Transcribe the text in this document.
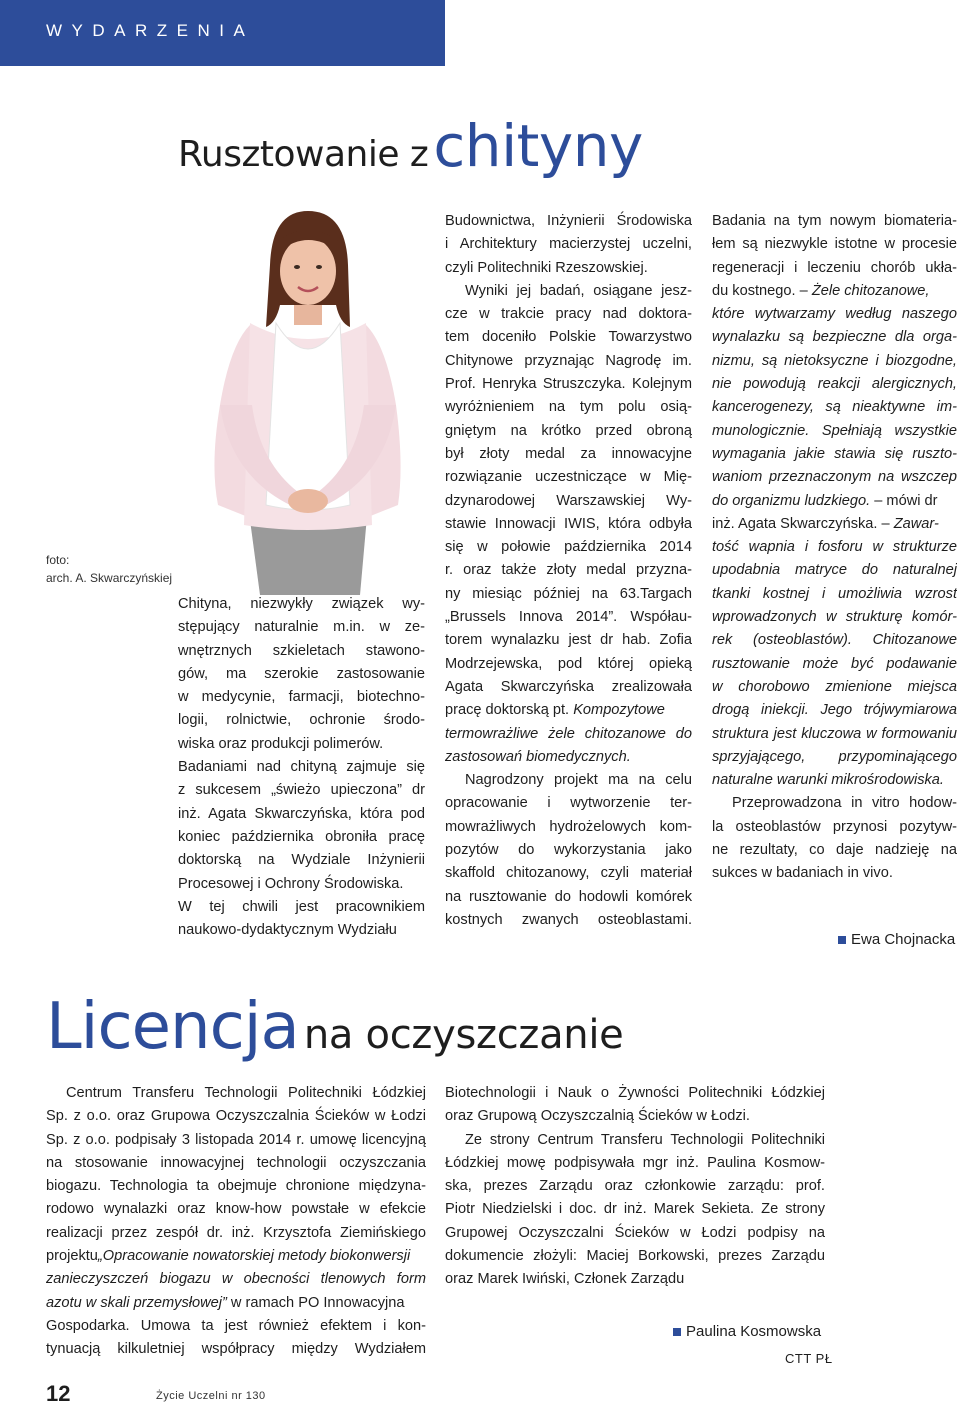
WYDARZENIA
Rusztowanie z chityny
foto:
arch. A. Skwarczyńskiej
Chityna, niezwykły związek wy-
stępujący naturalnie m.in. w ze-
wnętrznych szkieletach stawono-
gów, ma szerokie zastosowanie
w medycynie, farmacji, biotechno-
logii, rolnictwie, ochronie środo-
wiska oraz produkcji polimerów.
Badaniami nad chityną zajmuje się
z sukcesem „świeżo upieczona” dr
inż. Agata Skwarczyńska, która pod
koniec października obroniła pracę
doktorską na Wydziale Inżynierii
Procesowej i Ochrony Środowiska.
W tej chwili jest pracownikiem
naukowo-dydaktycznym Wydziału
Budownictwa, Inżynierii Środowiska
i Architektury macierzystej uczelni,
czyli Politechniki Rzeszowskiej.
Wyniki jej badań, osiągane jesz-
cze w trakcie pracy nad doktora-
tem doceniło Polskie Towarzystwo
Chitynowe przyznając Nagrodę im.
Prof. Henryka Struszczyka. Kolejnym
wyróżnieniem na tym polu osią-
gniętym na krótko przed obroną
był złoty medal za innowacyjne
rozwiązanie uczestniczące w Mię-
dzynarodowej Warszawskiej Wy-
stawie Innowacji IWIS, która odbyła
się w połowie października 2014
r. oraz także złoty medal przyzna-
ny miesiąc później na 63.Targach
„Brussels Innova 2014”. Współau-
torem wynalazku jest dr hab. Zofia
Modrzejewska, pod której opieką
Agata Skwarczyńska zrealizowała
pracę doktorską pt. Kompozytowe
termowrażliwe żele chitozanowe do
zastosowań biomedycznych.
Nagrodzony projekt ma na celu
opracowanie i wytworzenie ter-
mowrażliwych hydrożelowych kom-
pozytów do wykorzystania jako
skaffold chitozanowy, czyli materiał
na rusztowanie do hodowli komórek
kostnych zwanych osteoblastami.
Badania na tym nowym biomateria-
łem są niezwykle istotne w procesie
regeneracji i leczeniu chorób ukła-
du kostnego. – Żele chitozanowe,
które wytwarzamy według naszego
wynalazku są bezpieczne dla orga-
nizmu, są nietoksyczne i biozgodne,
nie powodują reakcji alergicznych,
kancerogenezy, są nieaktywne im-
munologicznie. Spełniają wszystkie
wymagania jakie stawia się ruszto-
waniom przeznaczonym na wszczep
do organizmu ludzkiego. – mówi dr
inż. Agata Skwarczyńska. – Zawar-
tość wapnia i fosforu w strukturze
upodabnia matryce do naturalnej
tkanki kostnej i umożliwia wzrost
wprowadzonych w strukturę komór-
rek (osteoblastów). Chitozanowe
rusztowanie może być podawanie
w chorobowo zmienione miejsca
drogą iniekcji. Jego trójwymiarowa
struktura jest kluczowa w formowaniu
sprzyjającego, przypominającego
naturalne warunki mikrośrodowiska.
Przeprowadzona in vitro hodow-
la osteoblastów przynosi pozytyw-
ne rezultaty, co daje nadzieję na
sukces w badaniach in vivo.
Ewa Chojnacka
Licencja na oczyszczanie
Centrum Transferu Technologii Politechniki Łódzkiej
Sp. z o.o. oraz Grupowa Oczyszczalnia Ścieków w Łodzi
Sp. z o.o. podpisały 3 listopada 2014 r. umowę licencyjną
na stosowanie innowacyjnej technologii oczyszczania
biogazu. Technologia ta obejmuje chronione międzyna-
rodowo wynalazki oraz know-how powstałe w efekcie
realizacji przez zespół dr. inż. Krzysztofa Ziemińskiego
projektu„Opracowanie nowatorskiej metody biokonwersji
zanieczyszczeń biogazu w obecności tlenowych form
azotu w skali przemysłowej” w ramach PO Innowacyjna
Gospodarka. Umowa ta jest również efektem i kon-
tynuacją kilkuletniej współpracy między Wydziałem
Biotechnologii i Nauk o Żywności Politechniki Łódzkiej
oraz Grupową Oczyszczalnią Ścieków w Łodzi.
Ze strony Centrum Transferu Technologii Politechniki
Łódzkiej mowę podpisywała mgr inż. Paulina Kosmow-
ska, prezes Zarządu oraz członkowie zarządu: prof.
Piotr Niedzielski i doc. dr inż. Marek Sekieta. Ze strony
Grupowej Oczyszczalni Ścieków w Łodzi podpisy na
dokumencie złożyli: Maciej Borkowski, prezes Zarządu
oraz Marek Iwiński, Członek Zarządu
Paulina Kosmowska
CTT PŁ
12	Życie Uczelni nr 130
